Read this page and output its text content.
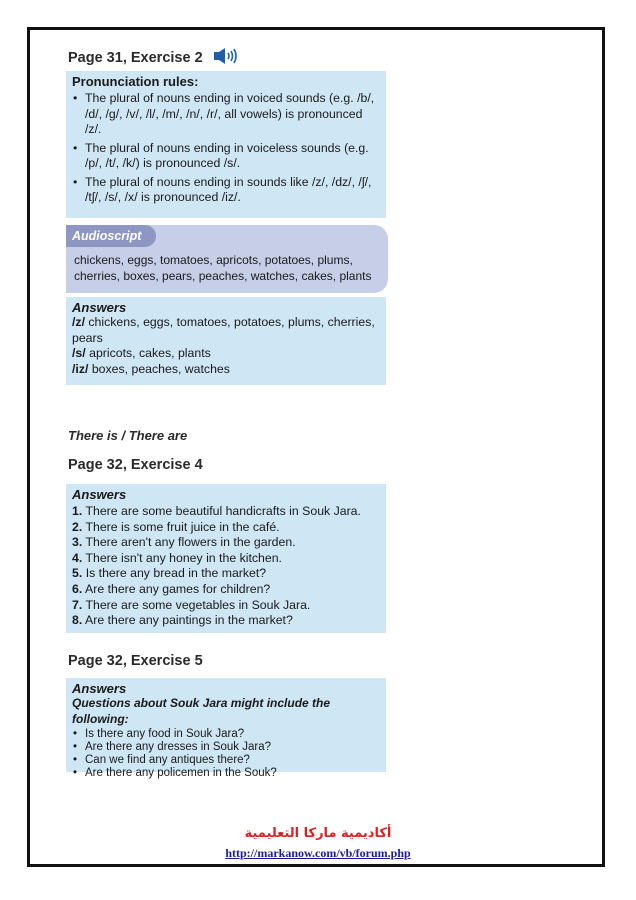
Page 31, Exercise 2
Pronunciation rules:
• The plural of nouns ending in voiced sounds (e.g. /b/, /d/, /g/, /v/, /l/, /m/, /n/, /r/, all vowels) is pronounced /z/.
• The plural of nouns ending in voiceless sounds (e.g. /p/, /t/, /k/) is pronounced /s/.
• The plural of nouns ending in sounds like /z/, /dz/, /ʃ/, /tʃ/, /s/, /x/ is pronounced /iz/.
Audioscript
chickens, eggs, tomatoes, apricots, potatoes, plums, cherries, boxes, pears, peaches, watches, cakes, plants
Answers
/z/ chickens, eggs, tomatoes, potatoes, plums, cherries, pears
/s/ apricots, cakes, plants
/iz/ boxes, peaches, watches
There is / There are
Page 32, Exercise 4
Answers
1. There are some beautiful handicrafts in Souk Jara.
2. There is some fruit juice in the café.
3. There aren't any flowers in the garden.
4. There isn't any honey in the kitchen.
5. Is there any bread in the market?
6. Are there any games for children?
7. There are some vegetables in Souk Jara.
8. Are there any paintings in the market?
Page 32, Exercise 5
Answers
Questions about Souk Jara might include the following:
• Is there any food in Souk Jara?
• Are there any dresses in Souk Jara?
• Can we find any antiques there?
• Are there any policemen in the Souk?
أكاديمية ماركا التعليمية
http://markanow.com/vb/forum.php
